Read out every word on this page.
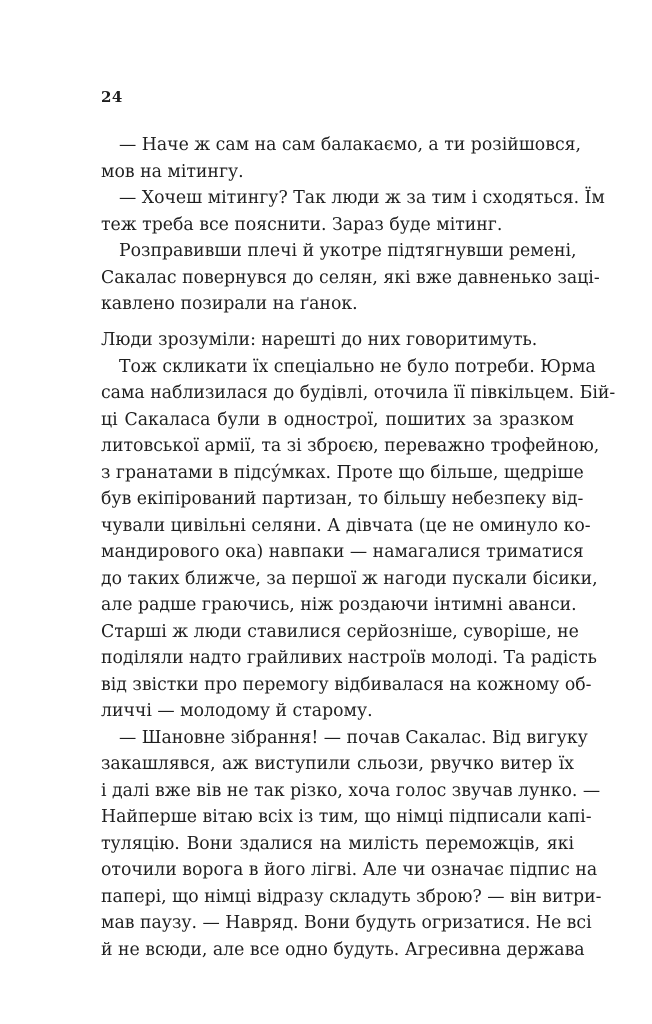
24
— Наче ж сам на сам балакаємо, а ти розійшовся,
мов на мітингу.
— Хочеш мітингу? Так люди ж за тим і сходяться. Їм
теж треба все пояснити. Зараз буде мітинг.
Розправивши плечі й укотре підтягнувши ремені,
Сакалас повернувся до селян, які вже давненько заці-
кавлено позирали на ґанок.
Люди зрозуміли: нарешті до них говоритимуть.
Тож скликати їх спеціально не було потреби. Юрма
сама наблизилася до будівлі, оточила її півкільцем. Бій-
ці Сакаласа були в однострої, пошитих за зразком
литовської армії, та зі зброєю, переважно трофейною,
з гранатами в підсу́мках. Проте що більше, щедріше
був екіпірований партизан, то більшу небезпеку від-
чували цивільні селяни. А дівчата (це не оминуло ко-
мандирового ока) навпаки — намагалися триматися
до таких ближче, за першої ж нагоди пускали бісики,
але радше граючись, ніж роздаючи інтимні аванси.
Старші ж люди ставилися серйозніше, суворіше, не
поділяли надто грайливих настроїв молоді. Та радість
від звістки про перемогу відбивалася на кожному об-
личчі — молодому й старому.
— Шановне зібрання! — почав Сакалас. Від вигуку
закашлявся, аж виступили сльози, рвучко витер їх
і далі вже вів не так різко, хоча голос звучав лунко. —
Найперше вітаю всіх із тим, що німці підписали капі-
туляцію. Вони здалися на милість переможців, які
оточили ворога в його лігві. Але чи означає підпис на
папері, що німці відразу складуть зброю? — він витри-
мав паузу. — Навряд. Вони будуть огризатися. Не всі
й не всюди, але все одно будуть. Агресивна держава
